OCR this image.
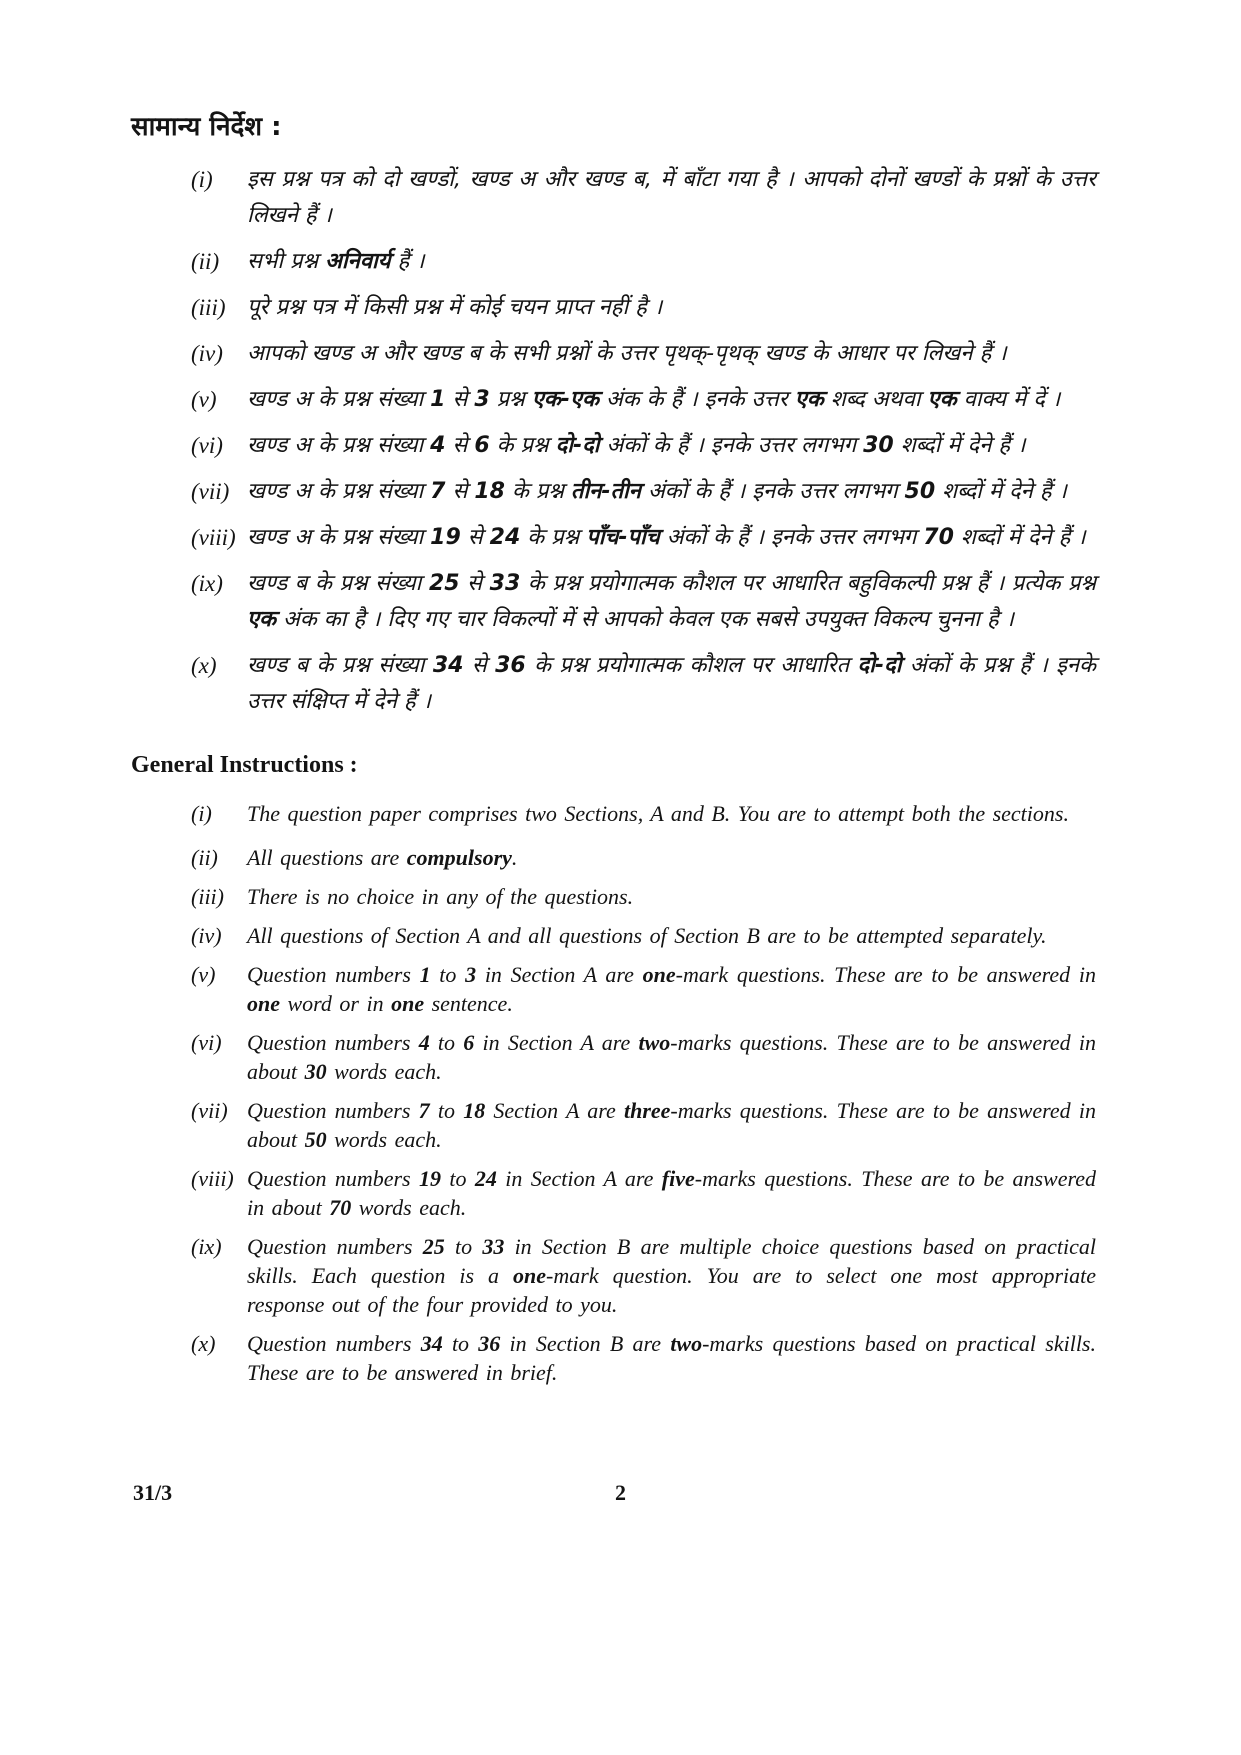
सामान्य निर्देश :
(i)	इस प्रश्न पत्र को दो खण्डों, खण्ड अ और खण्ड ब, में बाँटा गया है । आपको दोनों खण्डों के प्रश्नों के उत्तर लिखने हैं ।
(ii)	सभी प्रश्न अनिवार्य हैं ।
(iii) पूरे प्रश्न पत्र में किसी प्रश्न में कोई चयन प्राप्त नहीं है ।
(iv)	आपको खण्ड अ और खण्ड ब के सभी प्रश्नों के उत्तर पृथक्-पृथक् खण्ड के आधार पर लिखने हैं ।
(v)	खण्ड अ के प्रश्न संख्या 1 से 3 प्रश्न एक-एक अंक के हैं । इनके उत्तर एक शब्द अथवा एक वाक्य में दें ।
(vi)	खण्ड अ के प्रश्न संख्या 4 से 6 के प्रश्न दो-दो अंकों के हैं । इनके उत्तर लगभग 30 शब्दों में देने हैं ।
(vii) खण्ड अ के प्रश्न संख्या 7 से 18 के प्रश्न तीन-तीन अंकों के हैं । इनके उत्तर लगभग 50 शब्दों में देने हैं ।
(viii) खण्ड अ के प्रश्न संख्या 19 से 24 के प्रश्न पाँच-पाँच अंकों के हैं । इनके उत्तर लगभग 70 शब्दों में देने हैं ।
(ix)	खण्ड ब के प्रश्न संख्या 25 से 33 के प्रश्न प्रयोगात्मक कौशल पर आधारित बहुविकल्पी प्रश्न हैं । प्रत्येक प्रश्न एक अंक का है । दिए गए चार विकल्पों में से आपको केवल एक सबसे उपयुक्त विकल्प चुनना है ।
(x)	खण्ड ब के प्रश्न संख्या 34 से 36 के प्रश्न प्रयोगात्मक कौशल पर आधारित दो-दो अंकों के प्रश्न हैं । इनके उत्तर संक्षिप्त में देने हैं ।
General Instructions :
(i)	The question paper comprises two Sections, A and B. You are to attempt both the sections.
(ii)	All questions are compulsory.
(iii)	There is no choice in any of the questions.
(iv)	All questions of Section A and all questions of Section B are to be attempted separately.
(v)	Question numbers 1 to 3 in Section A are one-mark questions. These are to be answered in one word or in one sentence.
(vi)	Question numbers 4 to 6 in Section A are two-marks questions. These are to be answered in about 30 words each.
(vii) Question numbers 7 to 18 Section A are three-marks questions. These are to be answered in about 50 words each.
(viii) Question numbers 19 to 24 in Section A are five-marks questions. These are to be answered in about 70 words each.
(ix)	Question numbers 25 to 33 in Section B are multiple choice questions based on practical skills. Each question is a one-mark question. You are to select one most appropriate response out of the four provided to you.
(x)	Question numbers 34 to 36 in Section B are two-marks questions based on practical skills. These are to be answered in brief.
31/3	2
